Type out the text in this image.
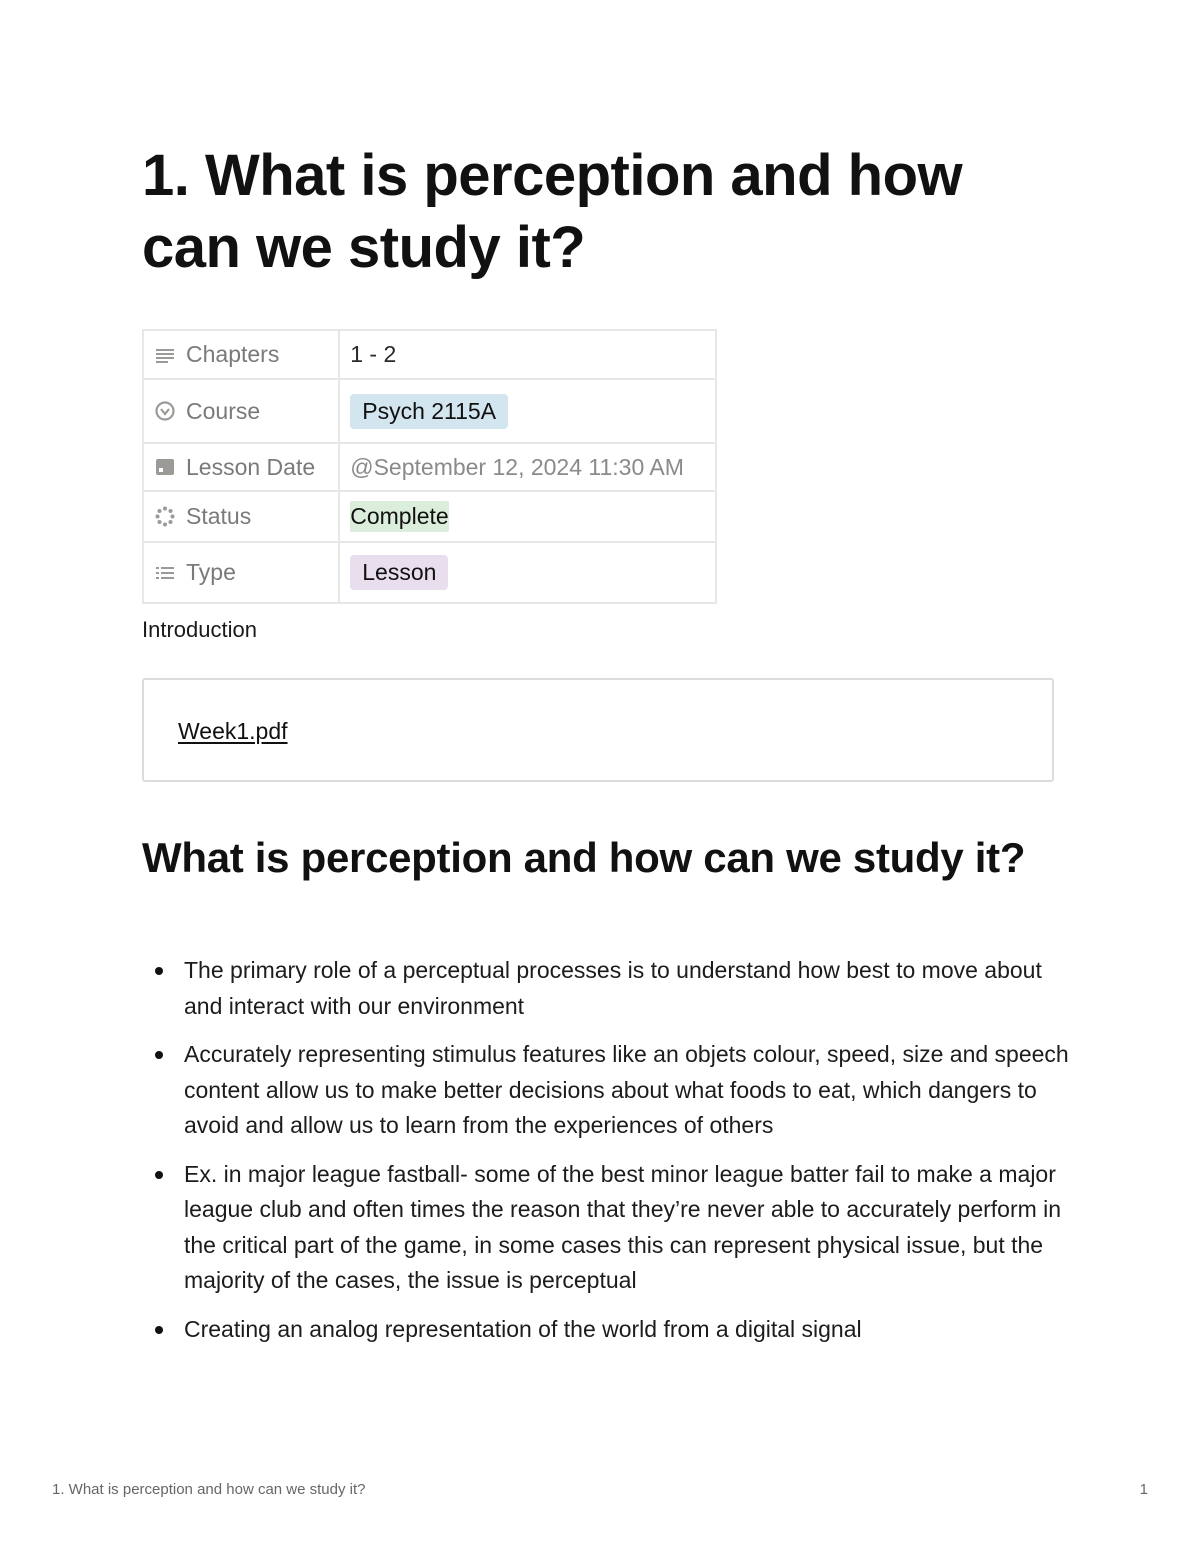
1. What is perception and how can we study it?
Chapters	1 - 2

Course	Psych 2115A

Lesson Date	@September 12, 2024 11:30 AM

Status	Complete

Type	Lesson
Introduction
Week1.pdf
What is perception and how can we study it?
The primary role of a perceptual processes is to understand how best to move about and interact with our environment
Accurately representing stimulus features like an objets colour, speed, size and speech content allow us to make better decisions about what foods to eat, which dangers to avoid and allow us to learn from the experiences of others
Ex. in major league fastball- some of the best minor league batter fail to make a major league club and often times the reason that they’re never able to accurately perform in the critical part of the game, in some cases this can represent physical issue, but the majority of the cases, the issue is perceptual
Creating an analog representation of the world from a digital signal
1. What is perception and how can we study it?	1
